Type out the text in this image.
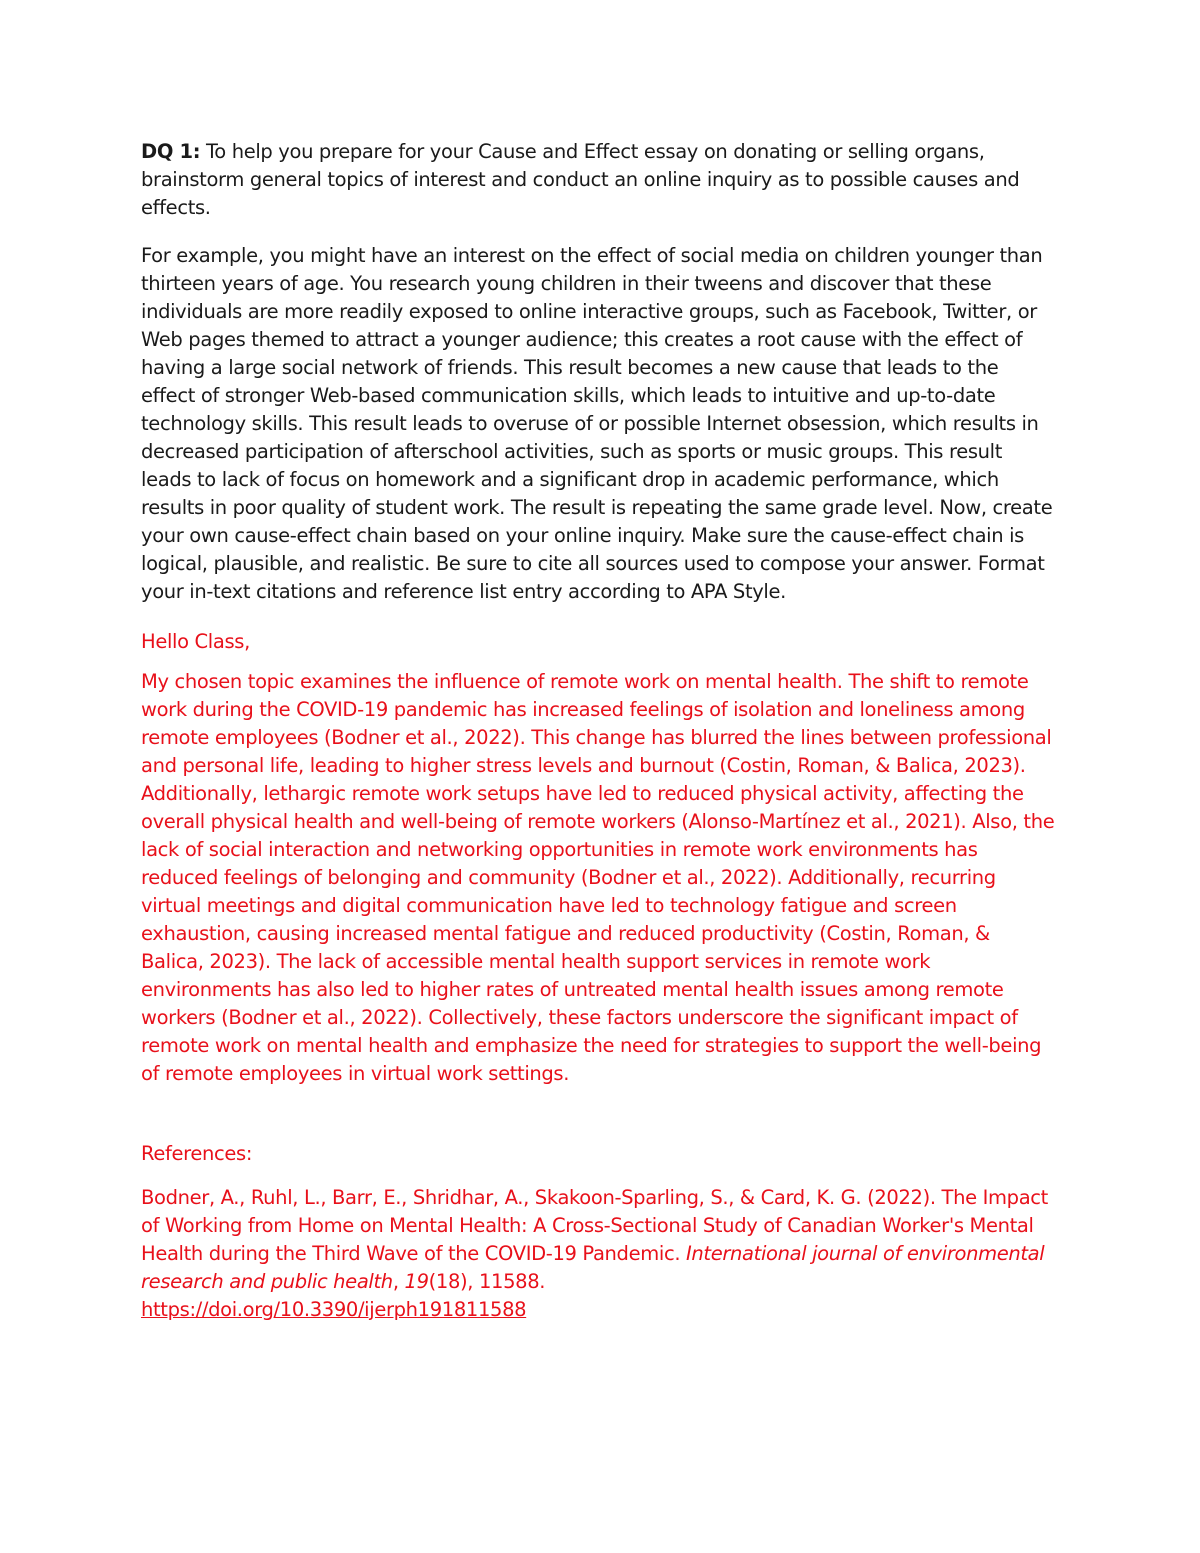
DQ 1: To help you prepare for your Cause and Effect essay on donating or selling organs, brainstorm general topics of interest and conduct an online inquiry as to possible causes and effects.

For example, you might have an interest on the effect of social media on children younger than thirteen years of age. You research young children in their tweens and discover that these individuals are more readily exposed to online interactive groups, such as Facebook, Twitter, or Web pages themed to attract a younger audience; this creates a root cause with the effect of having a large social network of friends. This result becomes a new cause that leads to the effect of stronger Web-based communication skills, which leads to intuitive and up-to-date technology skills. This result leads to overuse of or possible Internet obsession, which results in decreased participation of afterschool activities, such as sports or music groups. This result leads to lack of focus on homework and a significant drop in academic performance, which results in poor quality of student work. The result is repeating the same grade level. Now, create your own cause-effect chain based on your online inquiry. Make sure the cause-effect chain is logical, plausible, and realistic. Be sure to cite all sources used to compose your answer. Format your in-text citations and reference list entry according to APA Style.

Hello Class,

My chosen topic examines the influence of remote work on mental health. The shift to remote work during the COVID-19 pandemic has increased feelings of isolation and loneliness among remote employees (Bodner et al., 2022). This change has blurred the lines between professional and personal life, leading to higher stress levels and burnout (Costin, Roman, & Balica, 2023). Additionally, lethargic remote work setups have led to reduced physical activity, affecting the overall physical health and well-being of remote workers (Alonso-Martínez et al., 2021). Also, the lack of social interaction and networking opportunities in remote work environments has reduced feelings of belonging and community (Bodner et al., 2022). Additionally, recurring virtual meetings and digital communication have led to technology fatigue and screen exhaustion, causing increased mental fatigue and reduced productivity (Costin, Roman, & Balica, 2023). The lack of accessible mental health support services in remote work environments has also led to higher rates of untreated mental health issues among remote workers (Bodner et al., 2022). Collectively, these factors underscore the significant impact of remote work on mental health and emphasize the need for strategies to support the well-being of remote employees in virtual work settings.

References:

Bodner, A., Ruhl, L., Barr, E., Shridhar, A., Skakoon-Sparling, S., & Card, K. G. (2022). The Impact of Working from Home on Mental Health: A Cross-Sectional Study of Canadian Worker's Mental Health during the Third Wave of the COVID-19 Pandemic. International journal of environmental research and public health, 19(18), 11588.
https://doi.org/10.3390/ijerph191811588
